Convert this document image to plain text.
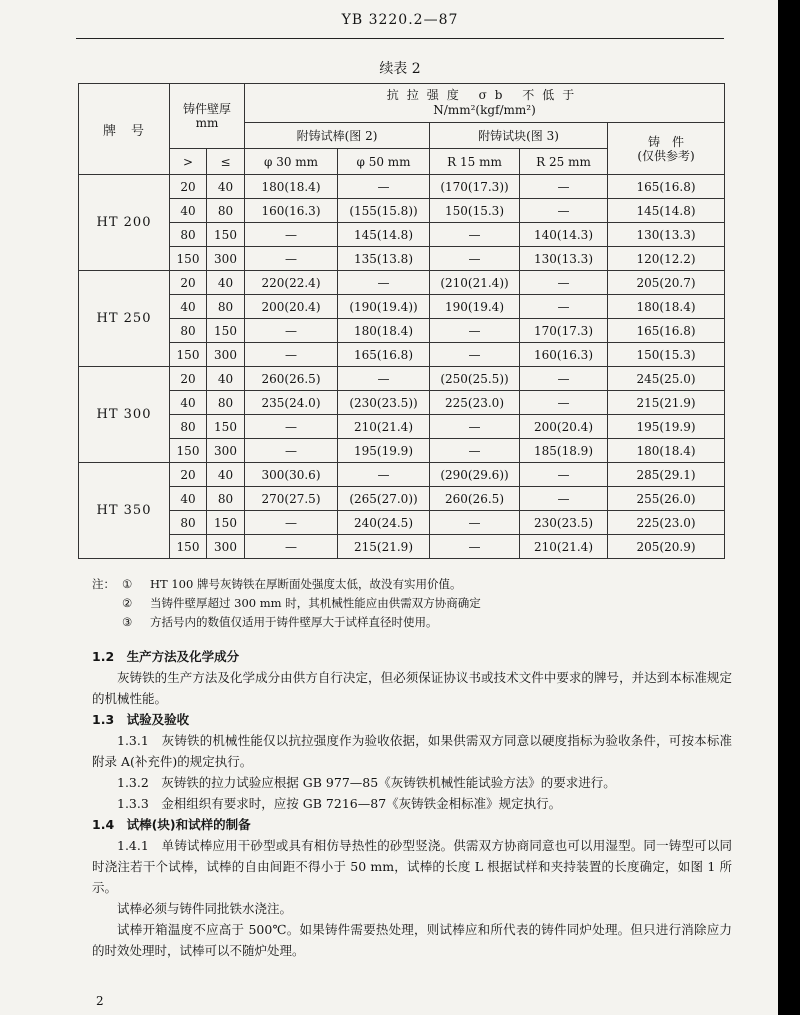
YB 3220.2—87
续表 2
牌　号	铸件壁厚
mm		抗拉强度 σb 不低于
N/mm²(kgf/mm²)				
			附铸试棒(图 2)		附铸试块(图 3)		铸　件
(仅供参考)
	>	≤	φ 30 mm	φ 50 mm	R 15 mm	R 25 mm	
HT 200	20	40	180(18.4)	—	(170(17.3))	—	165(16.8)
	40	80	160(16.3)	(155(15.8))	150(15.3)	—	145(14.8)
	80	150	—	145(14.8)	—	140(14.3)	130(13.3)
	150	300	—	135(13.8)	—	130(13.3)	120(12.2)
HT 250	20	40	220(22.4)	—	(210(21.4))	—	205(20.7)
	40	80	200(20.4)	(190(19.4))	190(19.4)	—	180(18.4)
	80	150	—	180(18.4)	—	170(17.3)	165(16.8)
	150	300	—	165(16.8)	—	160(16.3)	150(15.3)
HT 300	20	40	260(26.5)	—	(250(25.5))	—	245(25.0)
	40	80	235(24.0)	(230(23.5))	225(23.0)	—	215(21.9)
	80	150	—	210(21.4)	—	200(20.4)	195(19.9)
	150	300	—	195(19.9)	—	185(18.9)	180(18.4)
HT 350	20	40	300(30.6)	—	(290(29.6))	—	285(29.1)
	40	80	270(27.5)	(265(27.0))	260(26.5)	—	255(26.0)
	80	150	—	240(24.5)	—	230(23.5)	225(23.0)
	150	300	—	215(21.9)	—	210(21.4)	205(20.9)
注： ① HT 100 牌号灰铸铁在厚断面处强度太低，故没有实用价值。
② 当铸件壁厚超过 300 mm 时，其机械性能应由供需双方协商确定
③ 方括号内的数值仅适用于铸件壁厚大于试样直径时使用。

1.2　生产方法及化学成分

灰铸铁的生产方法及化学成分由供方自行决定，但必须保证协议书或技术文件中要求的牌号，并达到本标准规定的机械性能。

1.3　试验及验收

1.3.1　灰铸铁的机械性能仅以抗拉强度作为验收依据，如果供需双方同意以硬度指标为验收条件，可按本标准附录 A(补充件)的规定执行。

1.3.2　灰铸铁的拉力试验应根据 GB 977—85《灰铸铁机械性能试验方法》的要求进行。

1.3.3　金相组织有要求时，应按 GB 7216—87《灰铸铁金相标准》规定执行。

1.4　试棒(块)和试样的制备

1.4.1　单铸试棒应用干砂型或具有相仿导热性的砂型竖浇。供需双方协商同意也可以用湿型。同一铸型可以同时浇注若干个试棒，试棒的自由间距不得小于 50 mm，试棒的长度 L 根据试样和夹持装置的长度确定，如图 1 所示。

试棒必须与铸件同批铁水浇注。

试棒开箱温度不应高于 500℃。如果铸件需要热处理，则试棒应和所代表的铸件同炉处理。但只进行消除应力的时效处理时，试棒可以不随炉处理。

2
